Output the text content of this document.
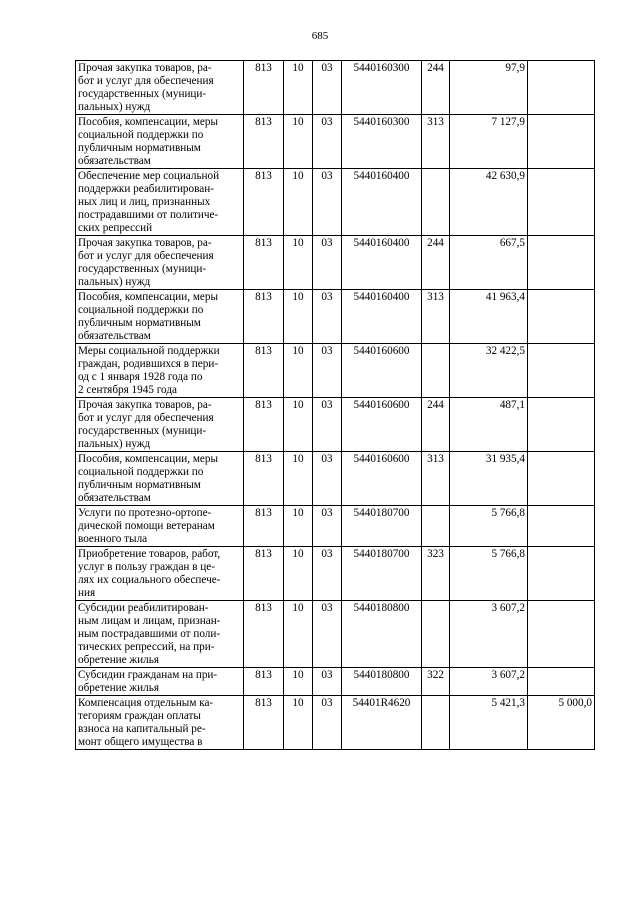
685
Прочая закупка товаров, ра-
бот и услуг для обеспечения
государственных (муници-
пальных) нужд	813	10	03	5440160300	244	97,9	
Пособия, компенсации, меры
социальной поддержки по
публичным нормативным
обязательствам	813	10	03	5440160300	313	7 127,9	
Обеспечение мер социальной
поддержки реабилитирован-
ных лиц и лиц, признанных
пострадавшими от политиче-
ских репрессий	813	10	03	5440160400		42 630,9	
Прочая закупка товаров, ра-
бот и услуг для обеспечения
государственных (муници-
пальных) нужд	813	10	03	5440160400	244	667,5	
Пособия, компенсации, меры
социальной поддержки по
публичным нормативным
обязательствам	813	10	03	5440160400	313	41 963,4	
Меры социальной поддержки
граждан, родившихся в пери-
од с 1 января 1928 года по
2 сентября 1945 года	813	10	03	5440160600		32 422,5	
Прочая закупка товаров, ра-
бот и услуг для обеспечения
государственных (муници-
пальных) нужд	813	10	03	5440160600	244	487,1	
Пособия, компенсации, меры
социальной поддержки по
публичным нормативным
обязательствам	813	10	03	5440160600	313	31 935,4	
Услуги по протезно-ортопе-
дической помощи ветеранам
военного тыла	813	10	03	5440180700		5 766,8	
Приобретение товаров, работ,
услуг в пользу граждан в це-
лях их социального обеспече-
ния	813	10	03	5440180700	323	5 766,8	
Субсидии реабилитирован-
ным лицам и лицам, признан-
ным пострадавшими от поли-
тических репрессий, на при-
обретение жилья	813	10	03	5440180800		3 607,2	
Субсидии гражданам на при-
обретение жилья	813	10	03	5440180800	322	3 607,2	
Компенсация отдельным ка-
тегориям граждан оплаты
взноса на капитальный ре-
монт общего имущества в	813	10	03	54401R4620		5 421,3	5 000,0
